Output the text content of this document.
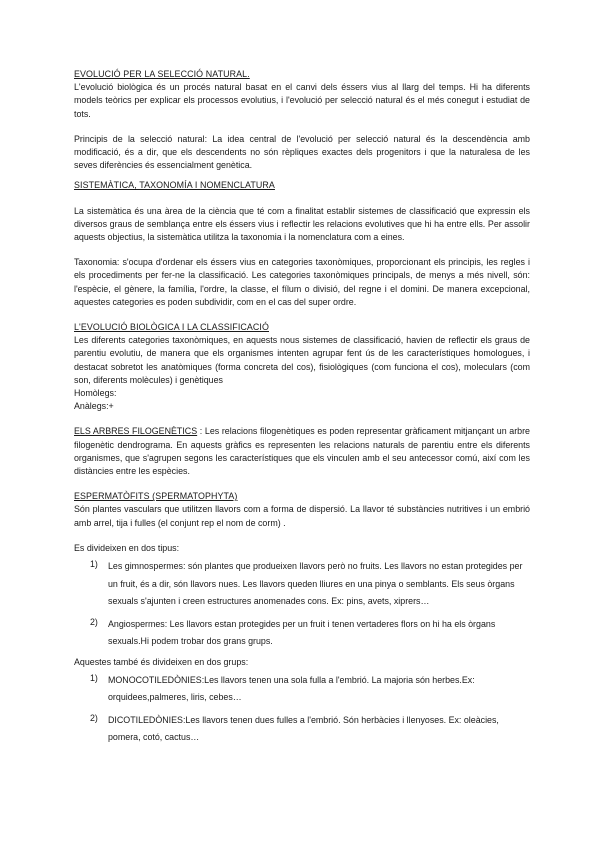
EVOLUCIÓ PER LA SELECCIÓ NATURAL.

L'evolució biològica és un procés natural basat en el canvi dels éssers vius al llarg del temps. Hi ha diferents models teòrics per explicar els processos evolutius, i l'evolució per selecció natural és el més conegut i estudiat de tots.

Principis de la selecció natural: La idea central de l'evolució per selecció natural és la descendència amb modificació, és a dir, que els descendents no són rèpliques exactes dels progenitors i que la naturalesa de les seves diferències és essencialment genètica.

SISTEMÀTICA, TAXONOMÍA I NOMENCLATURA

La sistemàtica és una àrea de la ciència que té com a finalitat establir sistemes de classificació que expressin els diversos graus de semblança entre els éssers vius i reflectir les relacions evolutives que hi ha entre ells. Per assolir aquests objectius, la sistemàtica utilitza la taxonomia i la nomenclatura com a eines.

Taxonomia: s'ocupa d'ordenar els éssers vius en categories taxonòmiques, proporcionant els principis, les regles i els procediments per fer-ne la classificació. Les categories taxonòmiques principals, de menys a més nivell, són: l'espècie, el gènere, la família, l'ordre, la classe, el fílum o divisió, del regne i el domini. De manera excepcional, aquestes categories es poden subdividir, com en el cas del super ordre.

L'EVOLUCIÓ BIOLÒGICA I LA CLASSIFICACIÓ

Les diferents categories taxonòmiques, en aquests nous sistemes de classificació, havien de reflectir els graus de parentiu evolutiu, de manera que els organismes intenten agrupar fent ús de les característiques homologues, i destacat sobretot les anatòmiques (forma concreta del cos), fisiològiques (com funciona el cos), moleculars (com son, diferents molècules) i genètiques

Homòlegs:

Anàlegs:+

ELS ARBRES FILOGENÈTICS : Les relacions filogenètiques es poden representar gràficament mitjançant un arbre filogenètic dendrograma. En aquests gràfics es representen les relacions naturals de parentiu entre els diferents organismes, que s'agrupen segons les característiques que els vinculen amb el seu antecessor comú, així com les distàncies entre les espècies.

ESPERMATÒFITS (SPERMATOPHYTA)

Són plantes vasculars que utilitzen llavors com a forma de dispersió. La llavor té substàncies nutritives i un embrió amb arrel, tija i fulles (el conjunt rep el nom de corm) .

Es divideixen en dos tipus:

1)	Les gimnospermes: són plantes que produeixen llavors però no fruits. Les llavors no estan protegides per un fruit, és a dir, són llavors nues. Les llavors queden lliures en una pinya o semblants. Els seus òrgans sexuals s'ajunten i creen estructures anomenades cons. Ex: pins, avets, xiprers…
2)	Angiospermes: Les llavors estan protegides per un fruit i tenen vertaderes flors on hi ha els òrgans sexuals.Hi podem trobar dos grans grups.

Aquestes també és divideixen en dos grups:

1)	MONOCOTILEDÒNIES:Les llavors tenen una sola fulla a l'embrió. La majoria són herbes.Ex: orquidees,palmeres, liris, cebes…
2)	DICOTILEDÒNIES:Les llavors tenen dues fulles a l'embrió. Són herbàcies i llenyoses. Ex: oleàcies, pomera, cotó, cactus…
